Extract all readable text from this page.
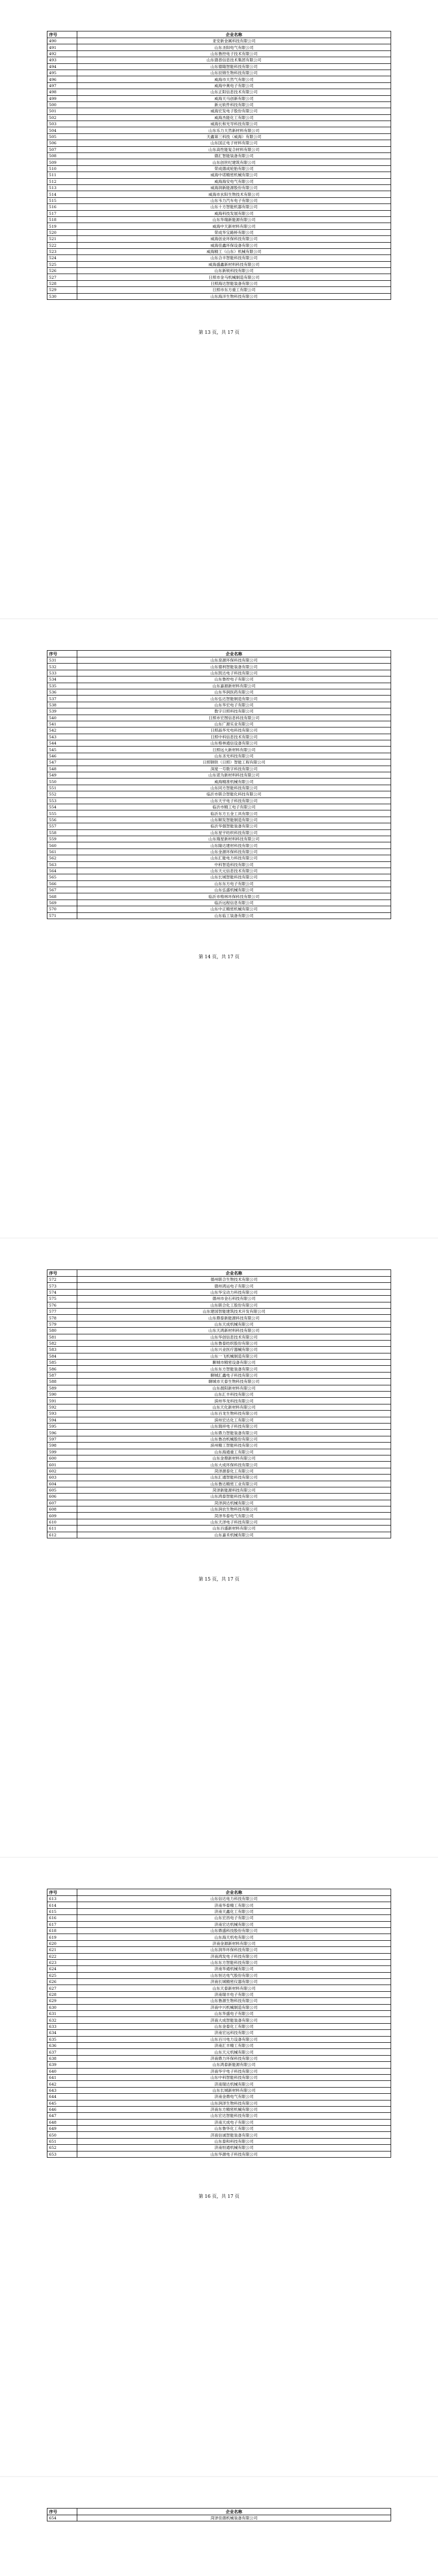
序号	企业名称
490	亚安新金属科技有限公司
491	山东圣阳电气有限公司
492	山东鲁控电子技术有限公司
493	山东德普信息技术集团有限公司
494	山东德隆智能科技有限公司
495	山东辰锦生物科技有限公司
496	威海市天然气有限公司
497	威海中奥电子有限公司
498	山东正阳信息技术有限公司
499	威海天马创新有限公司
500	新元软件科技有限公司
501	威海宏发电子股份有限公司
502	威海杰能化工有限公司
503	威海长和光导科技有限公司
504	山东乐力天然新材料有限公司
505	天鑫第三科技（威海）有限公司
506	山东国正电子材料有限公司
507	山东高性能复合材料有限公司
508	德汇智能装备有限公司
509	山东创世纪建筑有限公司
510	荣成德成轮胎有限公司
511	威海中诺精密机械有限公司
512	威海海安电气有限公司
513	威海润新能源股份有限公司
514	威海市玄阳生物技术有限公司
515	山东韦力汽车电子有限公司
516	山东十方智能机器有限公司
517	威海科技发展有限公司
518	山东华瑞新能源有限公司
519	威海中天新材料有限公司
520	荣成华宝路桥有限公司
521	威海创业环保科技有限公司
522	威海佳鑫环保设备有限公司
523	威海精工（山东）机械有限公司
524	山东合丰智能科技有限公司
525	威海盛鑫新材料科技有限公司
526	山东新锐科技有限公司
527	日照市金马机械制造有限公司
528	日照海达智能装备有限公司
529	日照市东方重工有限公司
530	山东海洋生物科技有限公司
第 13 页，共 17 页
序号	企业名称
531	山东泉源环保科技有限公司
532	山东德利智能装备有限公司
533	山东凯达电子科技有限公司
534	山东鲁控电子有限公司
535	山东嘉源新材料有限公司
536	山东华润医药有限公司
537	山东弘达智能制造有限公司
538	山东华宏电子有限公司
539	数字日照科技有限公司
540	日照市宏图信息科技有限公司
541	山东广源实业有限公司
542	日照晶华光电科技有限公司
543	日照中科信息技术有限公司
544	山东格林通信设备有限公司
545	日照远大新材料有限公司
546	山东圣光科技有限公司
547	日照钢铁（日照）智能工程有限公司
548	深度一号数字科技有限公司
549	山东诺为新材料科技有限公司
550	威海精准机械有限公司
551	山东同方智能科技有限公司
552	临沂市联合智能化科技有限公司
553	山东天宇电子科技有限公司
554	临沂市精工电子有限公司
555	临沂东方五金工具有限公司
556	山东顺发智能制造有限公司
557	临沂华强智能装备有限公司
558	山东星宇纺织科技有限公司
559	山东瑞星新材料科技有限公司
560	山东隆达建材科技有限公司
561	山东金源环保科技有限公司
562	山东汇能电力科技有限公司
563	中科智造科技有限公司
564	山东天元信息技术有限公司
565	山东长城智能科技有限公司
566	山东东方电子有限公司
567	山东弘盛机械有限公司
568	临沂市格林环保科技有限公司
569	临沂远程信息有限公司
570	山东中正精密机械有限公司
571	山东临工装备有限公司
第 14 页，共 17 页
序号	企业名称
572	德州联合生物技术有限公司
573	德州鸿运电子有限公司
574	山东华宝动力科技有限公司
575	德州市金石科技有限公司
576	山东联合化工股份有限公司
577	山东建国智能建筑技术开发有限公司
578	山东鼎泰新能源科技有限公司
579	山东天成机械有限公司
580	山东天鸿新材料科技有限公司
581	山东华创信息技术有限公司
582	山东鲁泰纺织股份有限公司
583	山东兴业医疗器械有限公司
584	山东一飞机械制造有限公司
585	聊城市精密设备有限公司
586	山东东方智能装备有限公司
587	聊城汇鑫电子科技有限公司
588	聊城市天泰生物科技有限公司
589	山东晨阳新材料有限公司
590	山东汇丰科技有限公司
591	滨州华龙科技有限公司
592	山东天化新材料有限公司
593	山东百龙生物科技有限公司
594	滨州宏达化工有限公司
595	山东瑞祥电子科技有限公司
596	山东鼎力智能装备有限公司
597	山东鲁冶机械股份有限公司
598	滨州精工智能科技有限公司
599	山东海通重工有限公司
600	山东金鼎新材料有限公司
601	山东大成环保科技有限公司
602	菏泽源泰化工有限公司
603	山东汇通智能科技有限公司
604	山东鲁达精密工业有限公司
605	菏泽新能源科技有限公司
606	山东鸿泰智能科技有限公司
607	菏泽润达机械有限公司
608	山东润农生物科技有限公司
609	菏泽华泰电气有限公司
610	山东天泽电子科技有限公司
611	山东百盛新材料有限公司
612	山东嘉禾机械有限公司
第 15 页，共 17 页
序号	企业名称
613	山东信达电力科技有限公司
614	济南华泰精工有限公司
615	济南天鑫化工有限公司
616	山东宏昌电子有限公司
617	济南宏达机械有限公司
618	山东鼎盛科技股份有限公司
619	山东海天机电有限公司
620	济南金源新材料有限公司
621	山东润华环保科技有限公司
622	济南鸿发电子科技有限公司
623	山东东方智能科技有限公司
624	济南华通机械有限公司
625	山东恒达电气股份有限公司
626	济南长城精密仪器有限公司
627	山东天泰新材料有限公司
628	济南瑞丰电子有限公司
629	山东鲁源生物科技有限公司
630	济南中兴机械制造有限公司
631	山东华盛电子有限公司
632	济南大成智能装备有限公司
633	山东金泰化工有限公司
634	济南宏远科技有限公司
635	山东百川电力设备有限公司
636	济南汇丰精工有限公司
637	山东天元机械有限公司
638	济南鼎力环保科技有限公司
639	山东鸿泰新能源有限公司
640	济南华宇电子科技有限公司
641	山东中科智能科技有限公司
642	济南瑞达机械有限公司
643	山东长城新材料有限公司
644	济南金鼎电气有限公司
645	山东润泽生物科技有限公司
646	济南东方精密机械有限公司
647	山东宏达智能科技有限公司
648	济南天成电子有限公司
649	山东鲁华化工有限公司
650	济南信诚智能装备有限公司
651	山东泰和科技有限公司
652	济南恒通机械有限公司
653	山东华源电子科技有限公司
第 16 页，共 17 页
序号	企业名称
654	菏泽佳德机械装备有限公司
